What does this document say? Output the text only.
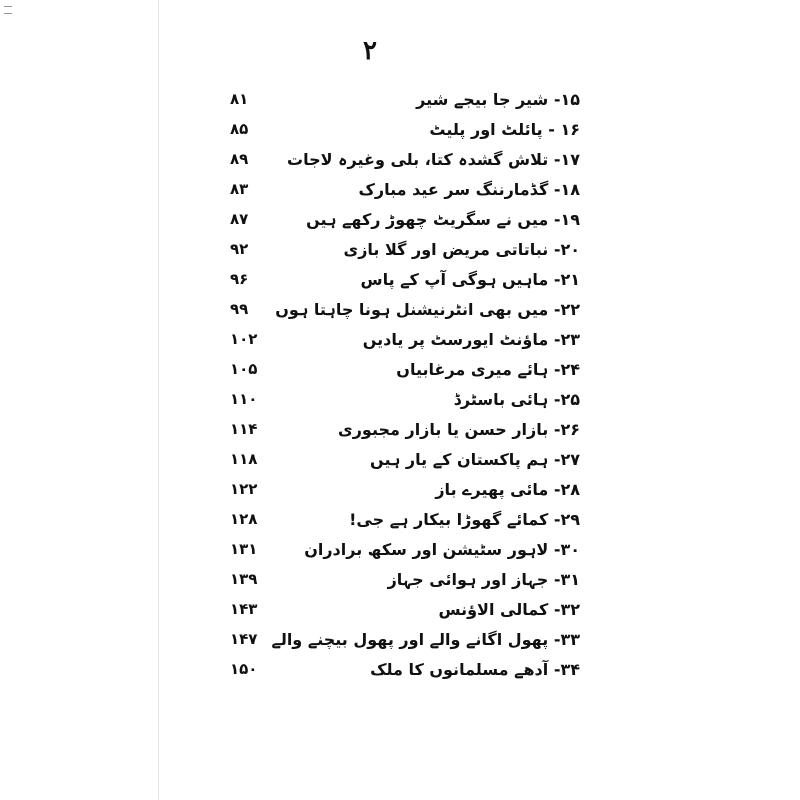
٢
۱۵- شیر جا بیجے شیر
۸۱
۱۶ - پائلٹ اور پلیٹ
۸۵
۱۷- تلاش گشدہ کتا، بلی وغیرہ لاجات
۸۹
۱۸- گڈمارننگ سر عید مبارک
۸۳
۱۹- میں نے سگریٹ چھوڑ رکھے ہیں
۸۷
۲۰- نباتاتی مریض اور گلا بازی
۹۲
۲۱- ماہیں ہوگی آپ کے پاس
۹۶
۲۲- میں بھی انٹرنیشنل ہونا چاہتا ہوں
۹۹
۲۳- ماؤنٹ ایورسٹ پر یادیں
۱۰۲
۲۴- ہائے میری مرغابیاں
۱۰۵
۲۵- ہائی باسٹرڈ
۱۱۰
۲۶- بازار حسن یا بازار مجبوری
۱۱۴
۲۷- ہم پاکستان کے یار ہیں
۱۱۸
۲۸- مائی پھیرے باز
۱۲۲
۲۹- کمائے گھوڑا بیکار ہے جی!
۱۲۸
۳۰- لاہور سٹیشن اور سکھ برادران
۱۳۱
۳۱- جہاز اور ہوائی جہاز
۱۳۹
۳۲- کمالی الاؤنس
۱۴۳
۳۳- پھول اگانے والے اور پھول بیچنے والے
۱۴۷
۳۴- آدھے مسلمانوں کا ملک
۱۵۰
